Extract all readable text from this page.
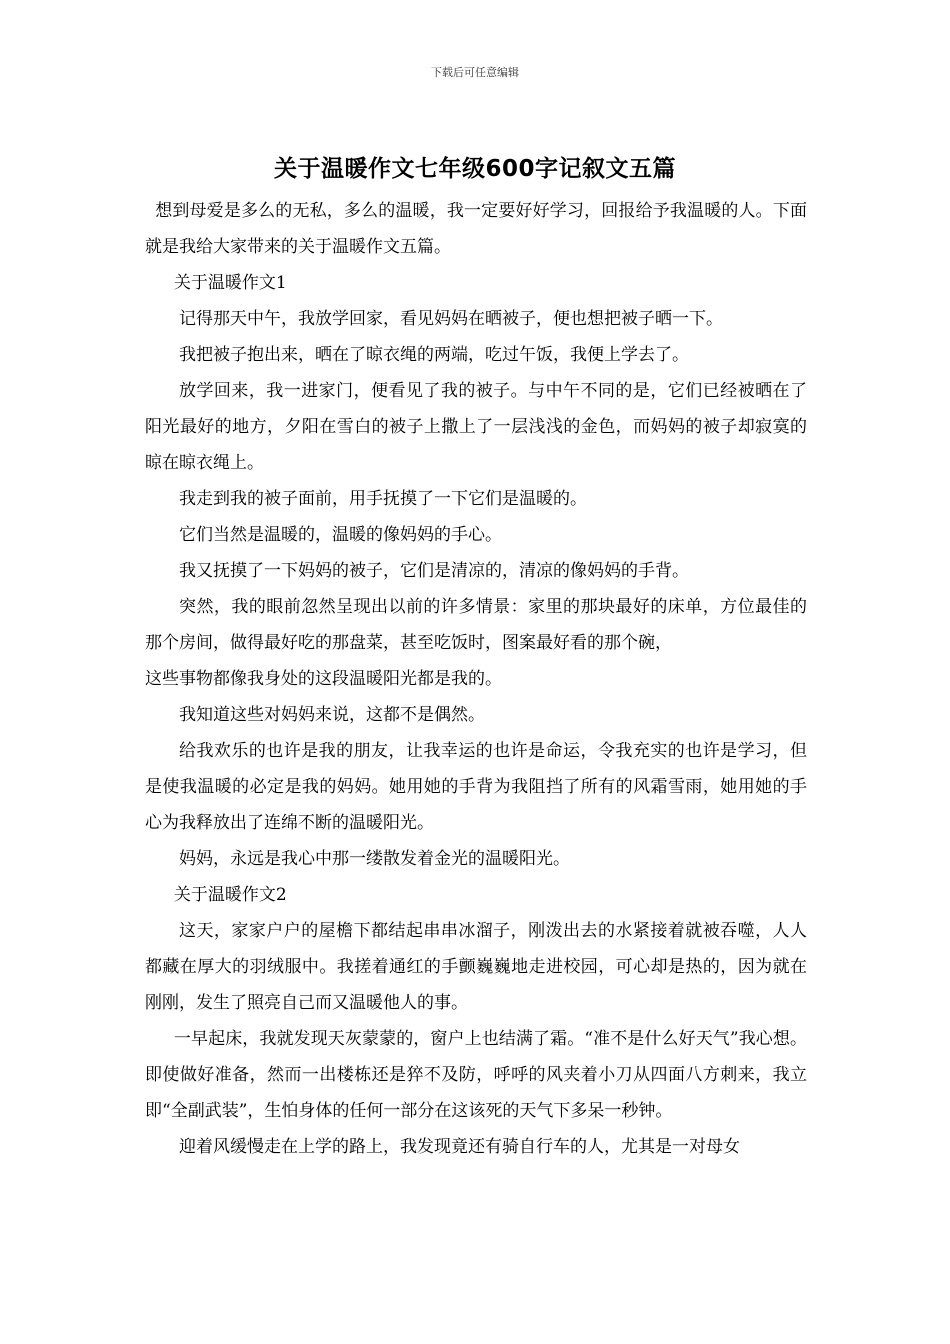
下载后可任意编辑
关于温暖作文七年级600字记叙文五篇

想到母爱是多么的无私，多么的温暖，我一定要好好学习，回报给予我温暖的人。下面就是我给大家带来的关于温暖作文五篇。

关于温暖作文1

记得那天中午，我放学回家，看见妈妈在晒被子，便也想把被子晒一下。

我把被子抱出来，晒在了晾衣绳的两端，吃过午饭，我便上学去了。

放学回来，我一进家门，便看见了我的被子。与中午不同的是，它们已经被晒在了阳光最好的地方，夕阳在雪白的被子上撒上了一层浅浅的金色，而妈妈的被子却寂寞的晾在晾衣绳上。

我走到我的被子面前，用手抚摸了一下它们是温暖的。

它们当然是温暖的，温暖的像妈妈的手心。

我又抚摸了一下妈妈的被子，它们是清凉的，清凉的像妈妈的手背。

突然，我的眼前忽然呈现出以前的许多情景：家里的那块最好的床单，方位最佳的那个房间，做得最好吃的那盘菜，甚至吃饭时，图案最好看的那个碗，

这些事物都像我身处的这段温暖阳光都是我的。

我知道这些对妈妈来说，这都不是偶然。

给我欢乐的也许是我的朋友，让我幸运的也许是命运，令我充实的也许是学习，但是使我温暖的必定是我的妈妈。她用她的手背为我阻挡了所有的风霜雪雨，她用她的手心为我释放出了连绵不断的温暖阳光。

妈妈，永远是我心中那一缕散发着金光的温暖阳光。

关于温暖作文2

这天，家家户户的屋檐下都结起串串冰溜子，刚泼出去的水紧接着就被吞噬，人人都藏在厚大的羽绒服中。我搓着通红的手颤巍巍地走进校园，可心却是热的，因为就在刚刚，发生了照亮自己而又温暖他人的事。

一早起床，我就发现天灰蒙蒙的，窗户上也结满了霜。“准不是什么好天气”我心想。即使做好准备，然而一出楼栋还是猝不及防，呼呼的风夹着小刀从四面八方刺来，我立即“全副武装”，生怕身体的任何一部分在这该死的天气下多呆一秒钟。

迎着风缓慢走在上学的路上，我发现竟还有骑自行车的人，尤其是一对母女
